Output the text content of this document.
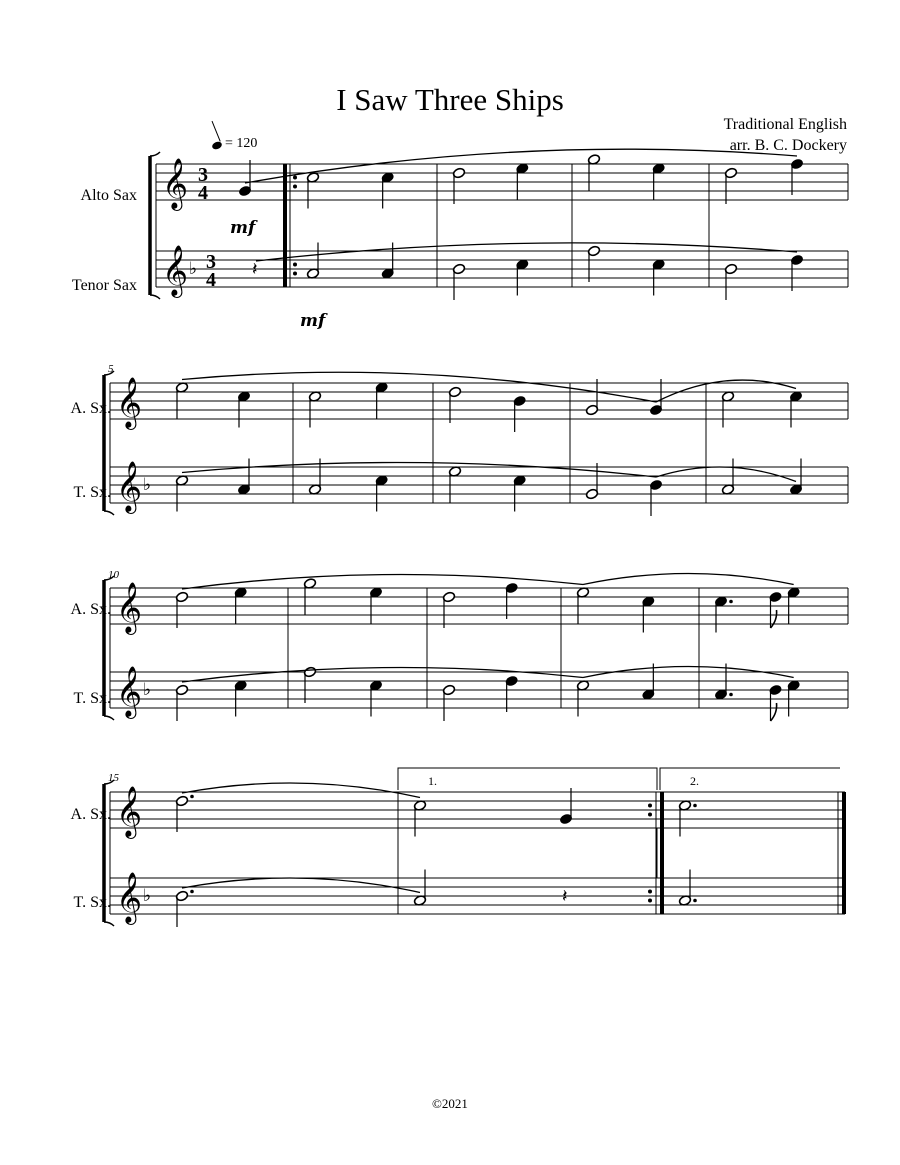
I Saw Three Ships
Traditional English
arr. B. C. Dockery
= 120
Alto Sax
Tenor Sax
A. Sx.
T. Sx.
A. Sx.
T. Sx.
A. Sx.
T. Sx.
mf
mf
5
10
15	1.	2.
𝄞 3
4
𝄞 ♭ 3
4 𝄽
𝄞
𝄞 ♭
𝄞
𝄞 ♭
𝄞
𝄞 ♭	𝄽
©2021
